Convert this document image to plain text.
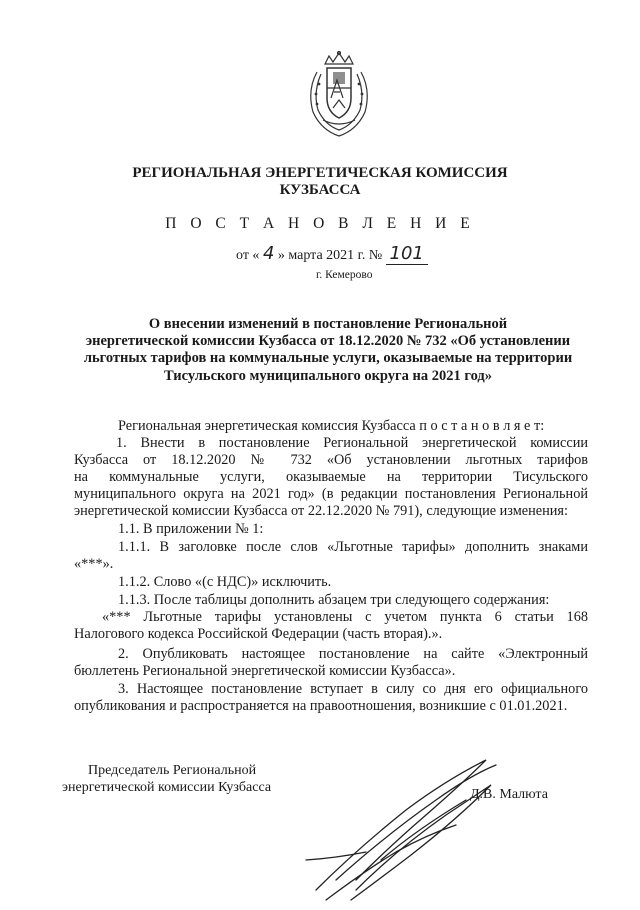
РЕГИОНАЛЬНАЯ ЭНЕРГЕТИЧЕСКАЯ КОМИССИЯ
КУЗБАССА
П О С Т А Н О В Л Е Н И Е
от « 4 » марта 2021 г. № 101
г. Кемерово
О внесении изменений в постановление Региональной
энергетической комиссии Кузбасса от 18.12.2020 № 732 «Об установлении
льготных тарифов на коммунальные услуги, оказываемые на территории
Тисульского муниципального округа на 2021 год»
Региональная энергетическая комиссия Кузбасса п о с т а н о в л я е т:
1. Внести в постановление Региональной энергетической комиссии
Кузбасса от 18.12.2020 № 732 «Об установлении льготных тарифов
на коммунальные услуги, оказываемые на территории Тисульского
муниципального округа на 2021 год» (в редакции постановления Региональной
энергетической комиссии Кузбасса от 22.12.2020 № 791), следующие изменения:
1.1. В приложении № 1:
1.1.1. В заголовке после слов «Льготные тарифы» дополнить знаками
«***».
1.1.2. Слово «(с НДС)» исключить.
1.1.3. После таблицы дополнить абзацем три следующего содержания:
«*** Льготные тарифы установлены с учетом пункта 6 статьи 168
Налогового кодекса Российской Федерации (часть вторая).».
2. Опубликовать настоящее постановление на сайте «Электронный
бюллетень Региональной энергетической комиссии Кузбасса».
3. Настоящее постановление вступает в силу со дня его официального
опубликования и распространяется на правоотношения, возникшие с 01.01.2021.
Председатель Региональной
энергетической комиссии Кузбасса	Д.В. Малюта
